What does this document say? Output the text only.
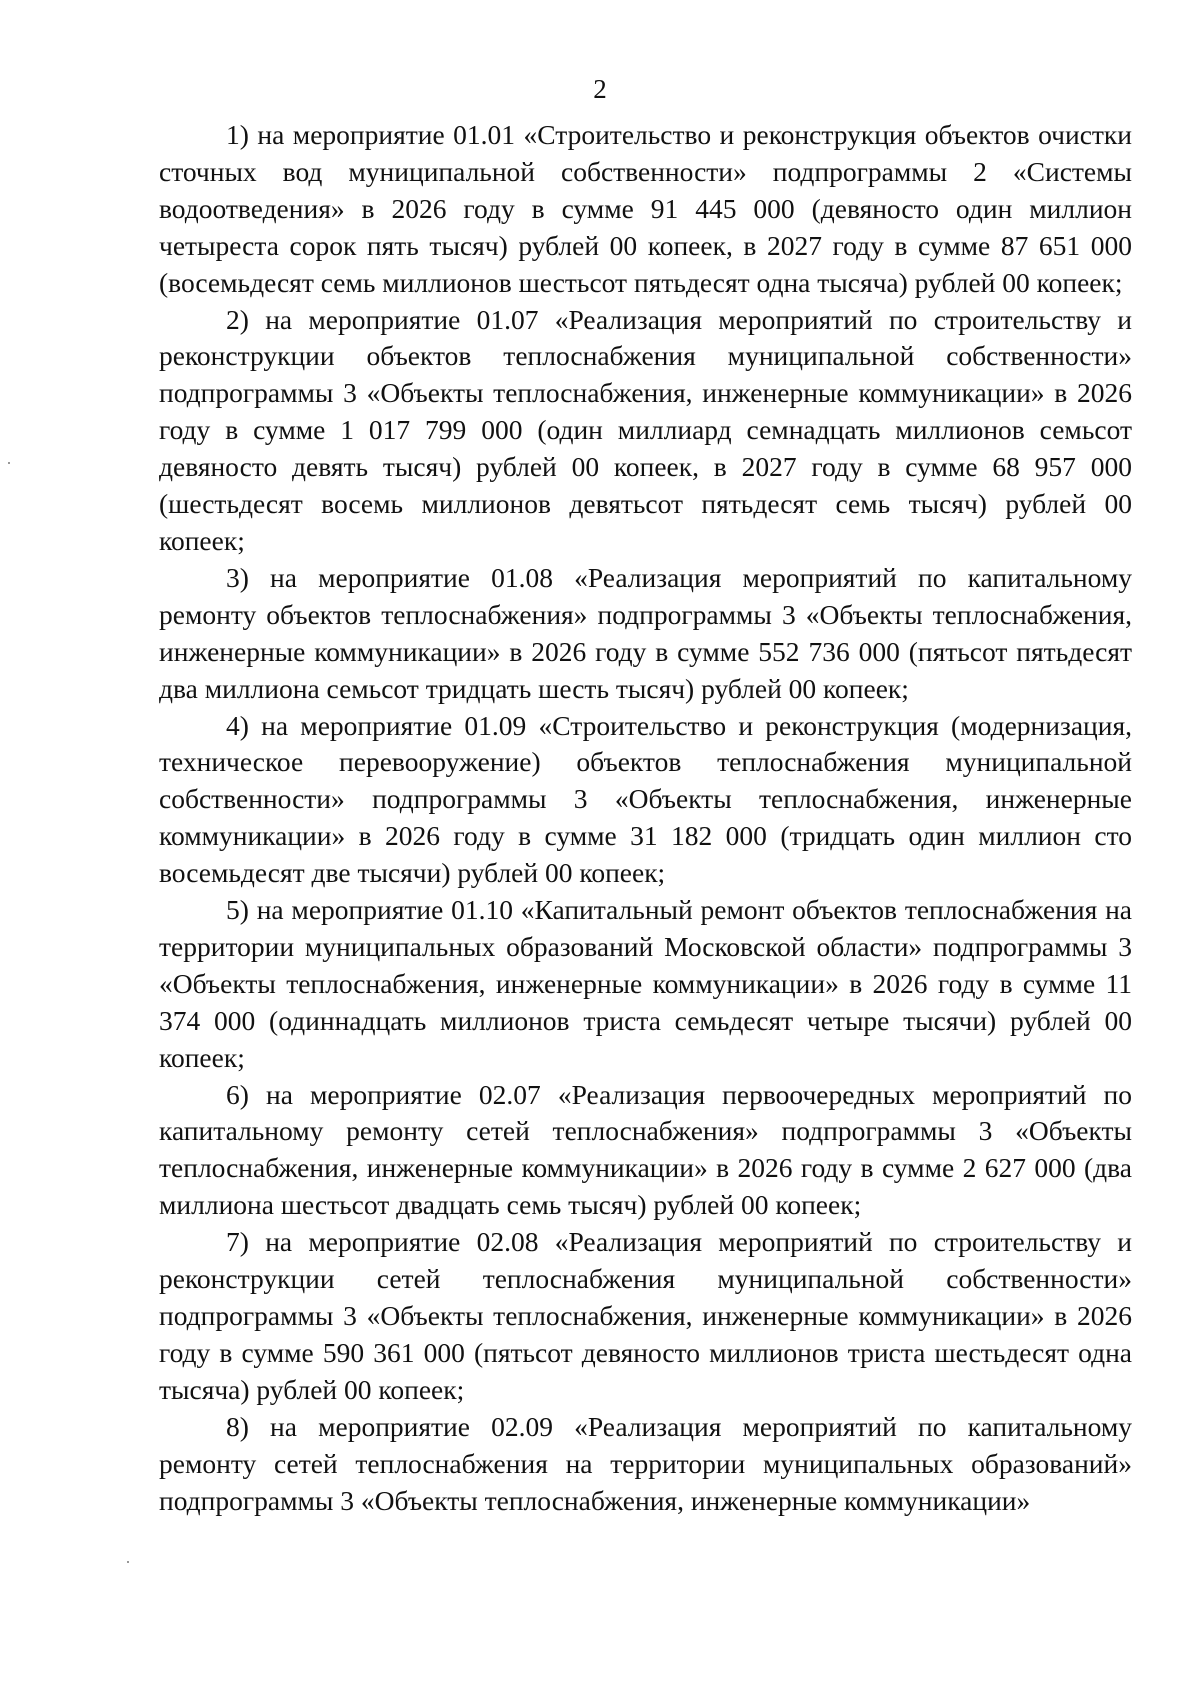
2

1) на мероприятие 01.01 «Строительство и реконструкция объектов очистки сточных вод муниципальной собственности» подпрограммы 2 «Системы водоотведения» в 2026 году в сумме 91 445 000 (девяносто один миллион четыреста сорок пять тысяч) рублей 00 копеек, в 2027 году в сумме 87 651 000 (восемьдесят семь миллионов шестьсот пятьдесят одна тысяча) рублей 00 копеек;

2) на мероприятие 01.07 «Реализация мероприятий по строительству и реконструкции объектов теплоснабжения муниципальной собственности» подпрограммы 3 «Объекты теплоснабжения, инженерные коммуникации» в 2026 году в сумме 1 017 799 000 (один миллиард семнадцать миллионов семьсот девяносто девять тысяч) рублей 00 копеек, в 2027 году в сумме 68 957 000 (шестьдесят восемь миллионов девятьсот пятьдесят семь тысяч) рублей 00 копеек;

3) на мероприятие 01.08 «Реализация мероприятий по капитальному ремонту объектов теплоснабжения» подпрограммы 3 «Объекты теплоснабжения, инженерные коммуникации» в 2026 году в сумме 552 736 000 (пятьсот пятьдесят два миллиона семьсот тридцать шесть тысяч) рублей 00 копеек;

4) на мероприятие 01.09 «Строительство и реконструкция (модернизация, техническое перевооружение) объектов теплоснабжения муниципальной собственности» подпрограммы 3 «Объекты теплоснабжения, инженерные коммуникации» в 2026 году в сумме 31 182 000 (тридцать один миллион сто восемьдесят две тысячи) рублей 00 копеек;

5) на мероприятие 01.10 «Капитальный ремонт объектов теплоснабжения на территории муниципальных образований Московской области» подпрограммы 3 «Объекты теплоснабжения, инженерные коммуникации» в 2026 году в сумме 11 374 000 (одиннадцать миллионов триста семьдесят четыре тысячи) рублей 00 копеек;

6) на мероприятие 02.07 «Реализация первоочередных мероприятий по капитальному ремонту сетей теплоснабжения» подпрограммы 3 «Объекты теплоснабжения, инженерные коммуникации» в 2026 году в сумме 2 627 000 (два миллиона шестьсот двадцать семь тысяч) рублей 00 копеек;

7) на мероприятие 02.08 «Реализация мероприятий по строительству и реконструкции сетей теплоснабжения муниципальной собственности» подпрограммы 3 «Объекты теплоснабжения, инженерные коммуникации» в 2026 году в сумме 590 361 000 (пятьсот девяносто миллионов триста шестьдесят одна тысяча) рублей 00 копеек;

8) на мероприятие 02.09 «Реализация мероприятий по капитальному ремонту сетей теплоснабжения на территории муниципальных образований» подпрограммы 3 «Объекты теплоснабжения, инженерные коммуникации»
